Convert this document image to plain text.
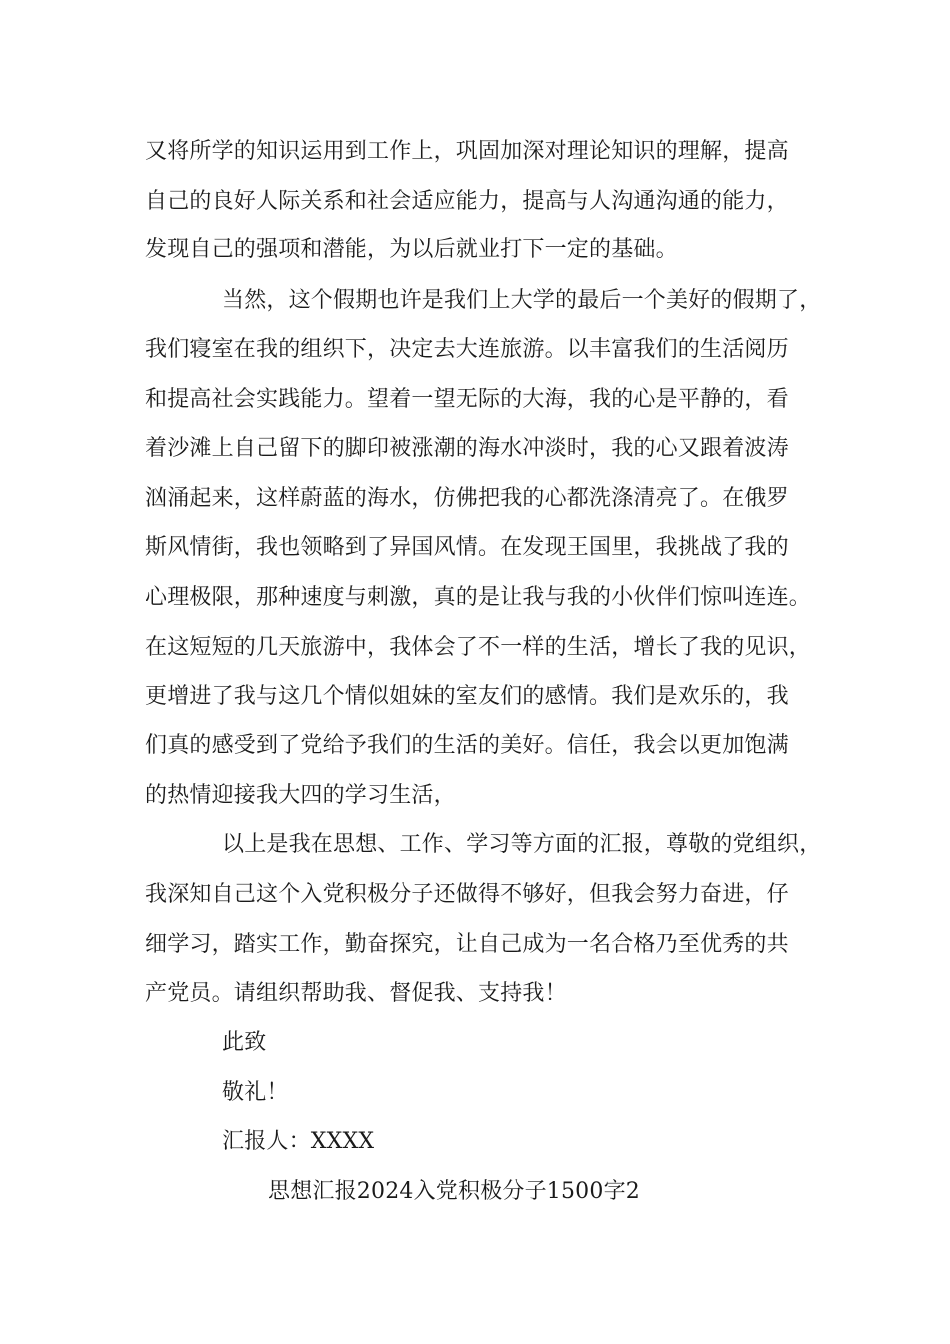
又将所学的知识运用到工作上，巩固加深对理论知识的理解，提高
自己的良好人际关系和社会适应能力，提高与人沟通沟通的能力，
发现自己的强项和潜能，为以后就业打下一定的基础。
当然，这个假期也许是我们上大学的最后一个美好的假期了，
我们寝室在我的组织下，决定去大连旅游。以丰富我们的生活阅历
和提高社会实践能力。望着一望无际的大海，我的心是平静的，看
着沙滩上自己留下的脚印被涨潮的海水冲淡时，我的心又跟着波涛
汹涌起来，这样蔚蓝的海水，仿佛把我的心都洗涤清亮了。在俄罗
斯风情街，我也领略到了异国风情。在发现王国里，我挑战了我的
心理极限，那种速度与刺激，真的是让我与我的小伙伴们惊叫连连。
在这短短的几天旅游中，我体会了不一样的生活，增长了我的见识，
更增进了我与这几个情似姐妹的室友们的感情。我们是欢乐的，我
们真的感受到了党给予我们的生活的美好。信任，我会以更加饱满
的热情迎接我大四的学习生活，
以上是我在思想、工作、学习等方面的汇报，尊敬的党组织，
我深知自己这个入党积极分子还做得不够好，但我会努力奋进，仔
细学习，踏实工作，勤奋探究，让自己成为一名合格乃至优秀的共
产党员。请组织帮助我、督促我、支持我！
此致
敬礼！
汇报人：XXXX
思想汇报2024入党积极分子1500字2
